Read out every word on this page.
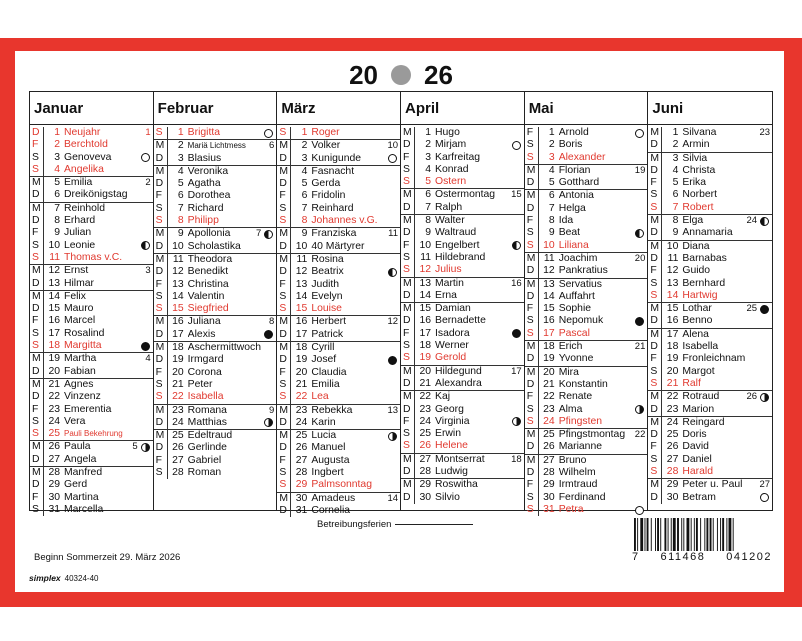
20 26
Januar
D	1 Neujahr	1
F	2 Berchtold
S	3 Genoveva
S	4 Angelika
M	5 Emilia	2
D	6 Dreikönigstag
M	7 Reinhold
D	8 Erhard
F	9 Julian
S 10 Leonie
S 11 Thomas v.C.
M 12 Ernst	3
D 13 Hilmar
M 14 Felix
D 15 Mauro
F 16 Marcel
S 17 Rosalind
S 18 Margitta
M 19 Martha	4
D 20 Fabian
M 21 Agnes
D 22 Vinzenz
F 23 Emerentia
S 24 Vera
S 25 Pauli Bekehrung
M 26 Paula	5
D 27 Angela
M 28 Manfred
D 29 Gerd
F 30 Martina
S 31 Marcella
Februar
S	1 Brigitta
M	2 Mariä Lichtmess	6
D	3 Blasius
M	4 Veronika
D	5 Agatha
F	6 Dorothea
S	7 Richard
S	8 Philipp
M	9 Apollonia	7
D 10 Scholastika
M 11 Theodora
D 12 Benedikt
F 13 Christina
S 14 Valentin
S 15 Siegfried
M 16 Juliana	8
D 17 Alexis
M 18 Aschermittwoch
D 19 Irmgard
F 20 Corona
S 21 Peter
S 22 Isabella
M 23 Romana	9
D 24 Matthias
M 25 Edeltraud
D 26 Gerlinde
F 27 Gabriel
S 28 Roman
März
S	1 Roger
M	2 Volker	10
D	3 Kunigunde
M	4 Fasnacht
D	5 Gerda
F	6 Fridolin
S	7 Reinhard
S	8 Johannes v.G.
M	9 Franziska	11
D 10 40 Märtyrer
M 11 Rosina
D 12 Beatrix
F 13 Judith
S 14 Evelyn
S 15 Louise
M 16 Herbert	12
D 17 Patrick
M 18 Cyrill
D 19 Josef
F 20 Claudia
S 21 Emilia
S 22 Lea
M 23 Rebekka	13
D 24 Karin
M 25 Lucia
D 26 Manuel
F 27 Augusta
S 28 Ingbert
S 29 Palmsonntag
M 30 Amadeus	14
D 31 Cornelia
April
M	1 Hugo
D	2 Mirjam
F	3 Karfreitag
S	4 Konrad
S	5 Ostern
M	6 Ostermontag	15
D	7 Ralph
M	8 Walter
D	9 Waltraud
F 10 Engelbert
S 11 Hildebrand
S 12 Julius
M 13 Martin	16
D 14 Erna
M 15 Damian
D 16 Bernadette
F 17 Isadora
S 18 Werner
S 19 Gerold
M 20 Hildegund	17
D 21 Alexandra
M 22 Kaj
D 23 Georg
F 24 Virginia
S 25 Erwin
S 26 Helene
M 27 Montserrat	18
D 28 Ludwig
M 29 Roswitha
D 30 Silvio
Mai
F	1 Arnold
S	2 Boris
S	3 Alexander
M	4 Florian	19
D	5 Gotthard
M	6 Antonia
D	7 Helga
F	8 Ida
S	9 Beat
S 10 Liliana
M 11 Joachim	20
D 12 Pankratius
M 13 Servatius
D 14 Auffahrt
F 15 Sophie
S 16 Nepomuk
S 17 Pascal
M 18 Erich	21
D 19 Yvonne
M 20 Mira
D 21 Konstantin
F 22 Renate
S 23 Alma
S 24 Pfingsten
M 25 Pfingstmontag	22
D 26 Marianne
M 27 Bruno
D 28 Wilhelm
F 29 Irmtraud
S 30 Ferdinand
S 31 Petra
Juni
M	1 Silvana	23
D	2 Armin
M	3 Silvia
D	4 Christa
F	5 Erika
S	6 Norbert
S	7 Robert
M	8 Elga	24
D	9 Annamaria
M 10 Diana
D 11 Barnabas
F 12 Guido
S 13 Bernhard
S 14 Hartwig
M 15 Lothar	25
D 16 Benno
M 17 Alena
D 18 Isabella
F 19 Fronleichnam
S 20 Margot
S 21 Ralf
M 22 Rotraud	26
D 23 Marion
M 24 Reingard
D 25 Doris
F 26 David
S 27 Daniel
S 28 Harald
M 29 Peter u. Paul	27
D 30 Betram
Betreibungsferien
Beginn Sommerzeit 29. März 2026
simplex 40324-40
7 611468 041202
